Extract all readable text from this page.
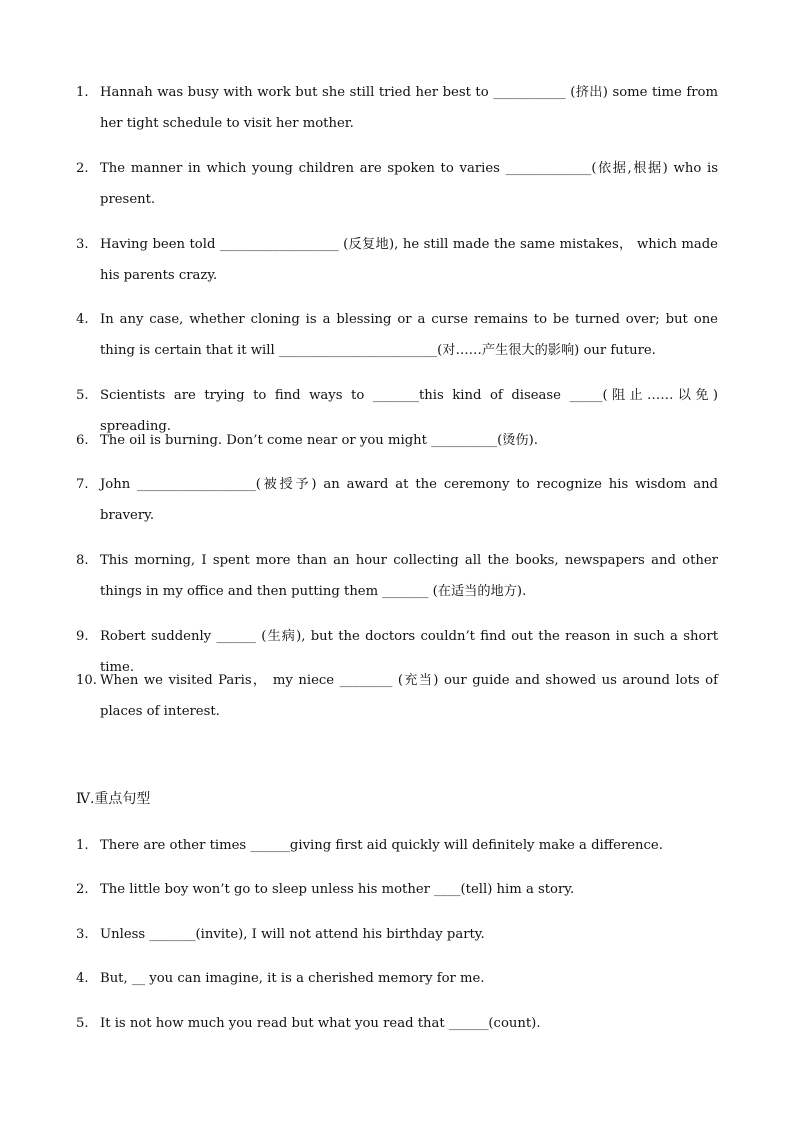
1. Hannah was busy with work but she still tried her best to ___________ (挤出) some time from her tight schedule to visit her mother.
2. The manner in which young children are spoken to varies _____________(依据,根据) who is present.
3. Having been told __________________ (反复地), he still made the same mistakes， which made his parents crazy.
4. In any case, whether cloning is a blessing or a curse remains to be turned over; but one thing is certain that it will ________________________(对……产生很大的影响) our future.
5. Scientists are trying to find ways to _______this kind of disease _____(阻止……以免) spreading.
6. The oil is burning. Don’t come near or you might __________(烫伤).
7. John __________________(被授予) an award at the ceremony to recognize his wisdom and bravery.
8. This morning, I spent more than an hour collecting all the books, newspapers and other things in my office and then putting them _______ (在适当的地方).
9. Robert suddenly ______ (生病), but the doctors couldn’t find out the reason in such a short time.
10. When we visited Paris， my niece ________ (充当) our guide and showed us around lots of places of interest.
Ⅳ.重点句型
1. There are other times ______giving first aid quickly will definitely make a difference.
2. The little boy won’t go to sleep unless his mother ____(tell) him a story.
3. Unless _______(invite), I will not attend his birthday party.
4. But, __ you can imagine, it is a cherished memory for me.
5. It is not how much you read but what you read that ______(count).
